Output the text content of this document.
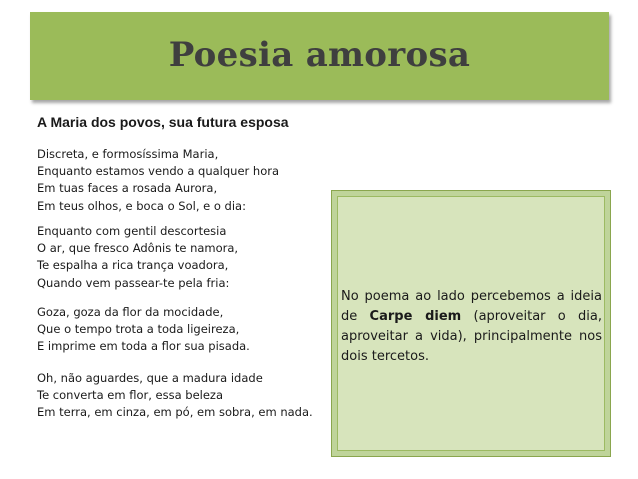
Poesia amorosa
A Maria dos povos, sua futura esposa
Discreta, e formosíssima Maria,
Enquanto estamos vendo a qualquer hora
Em tuas faces a rosada Aurora,
Em teus olhos, e boca o Sol, e o dia:
Enquanto com gentil descortesia
O ar, que fresco Adônis te namora,
Te espalha a rica trança voadora,
Quando vem passear-te pela fria:
Goza, goza da flor da mocidade,
Que o tempo trota a toda ligeireza,
E imprime em toda a flor sua pisada.
Oh, não aguardes, que a madura idade
Te converta em flor, essa beleza
Em terra, em cinza, em pó, em sobra, em nada.
No poema ao lado percebemos a ideia de Carpe diem (aproveitar o dia, aproveitar a vida), principalmente nos dois tercetos.
